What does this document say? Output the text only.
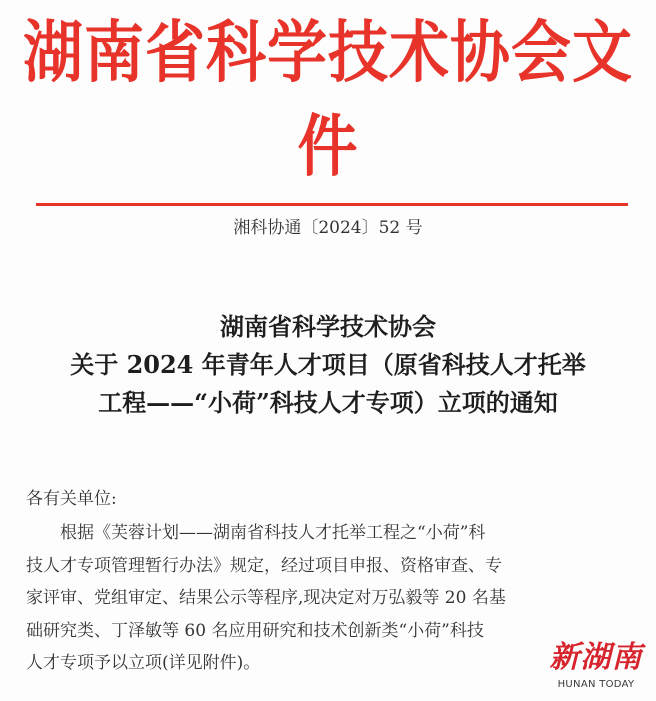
湖南省科学技术协会文件
湘科协通〔2024〕52 号
湖南省科学技术协会
关于 2024 年青年人才项目（原省科技人才托举
工程——“小荷”科技人才专项）立项的通知
各有关单位:
根据《芙蓉计划——湖南省科技人才托举工程之“小荷”科
技人才专项管理暂行办法》规定，经过项目申报、资格审查、专
家评审、党组审定、结果公示等程序,现决定对万弘毅等 20 名基
础研究类、丁泽敏等 60 名应用研究和技术创新类“小荷”科技
人才专项予以立项(详见附件)。	新湖南
HUNAN TODAY
